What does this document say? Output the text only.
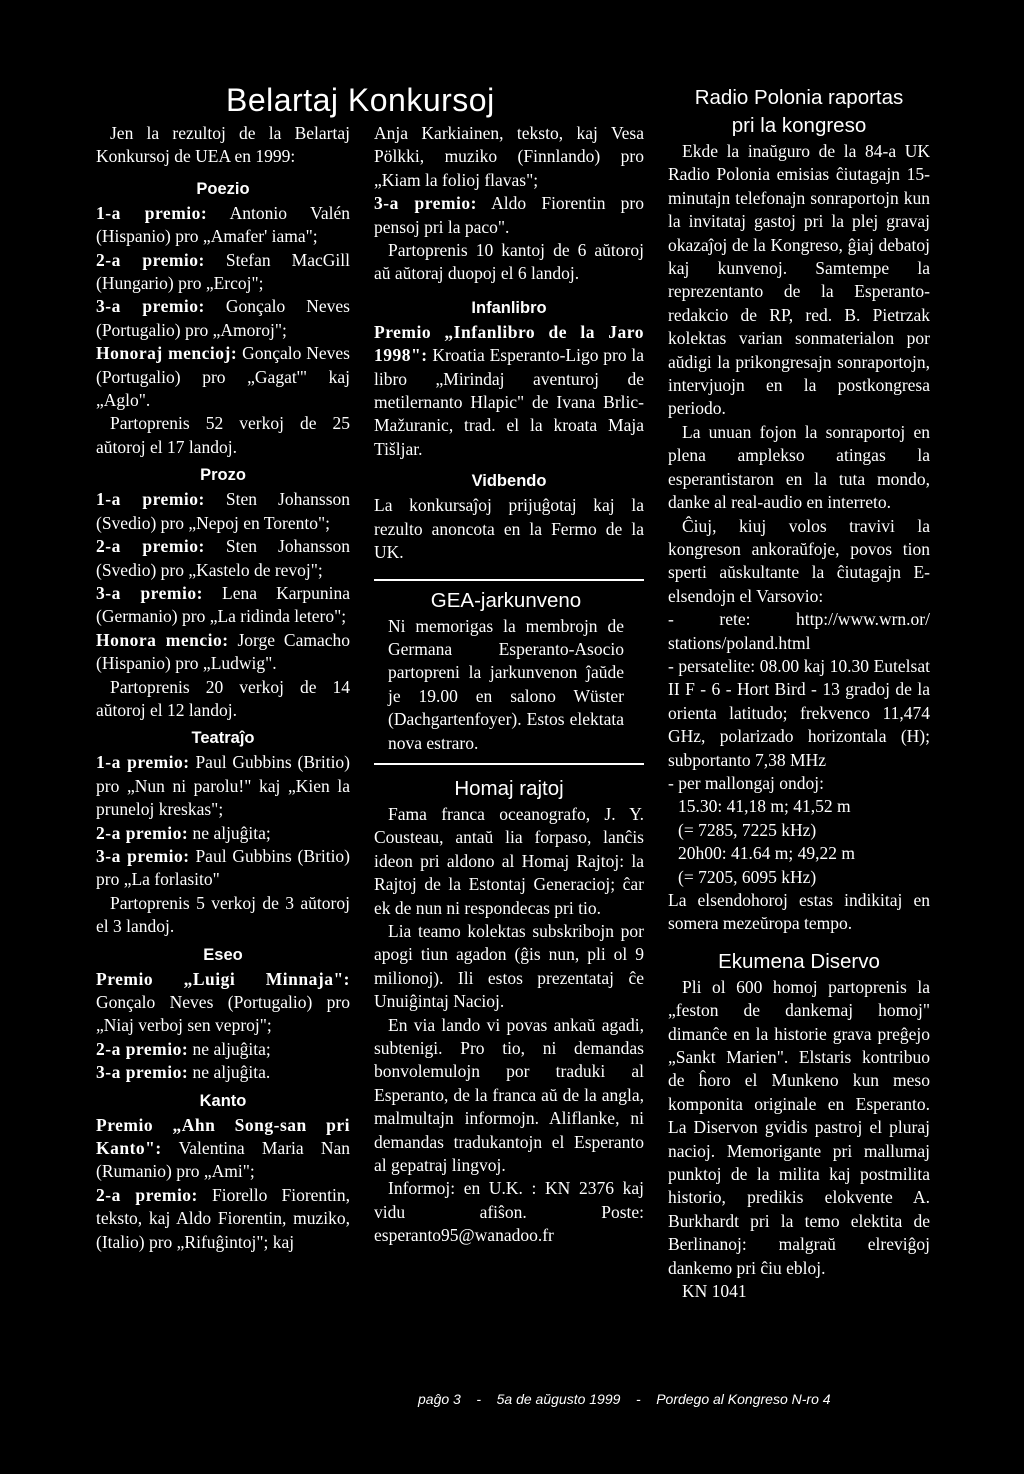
Belartaj Konkursoj

Jen la rezultoj de la Belartaj Konkursoj de UEA en 1999:

Poezio

1-a premio: Antonio Valén (Hispanio) pro „Amafer' iama";

2-a premio: Stefan MacGill (Hungario) pro „Ercoj";

3-a premio: Gonçalo Neves (Portugalio) pro „Amoroj";

Honoraj mencioj: Gonçalo Neves (Portugalio) pro „Gagat'" kaj „Aglo".

Partoprenis 52 verkoj de 25 aŭtoroj el 17 landoj.

Prozo

1-a premio: Sten Johansson (Svedio) pro „Nepoj en Torento";

2-a premio: Sten Johansson (Svedio) pro „Kastelo de revoj";

3-a premio: Lena Karpunina (Germanio) pro „La ridinda letero";

Honora mencio: Jorge Camacho (Hispanio) pro „Ludwig".

Partoprenis 20 verkoj de 14 aŭtoroj el 12 landoj.

Teatraĵo

1-a premio: Paul Gubbins (Britio) pro „Nun ni parolu!" kaj „Kien la pruneloj kreskas";

2-a premio: ne aljuĝita;

3-a premio: Paul Gubbins (Britio) pro „La forlasito"

Partoprenis 5 verkoj de 3 aŭtoroj el 3 landoj.

Eseo

Premio „Luigi Minnaja": Gonçalo Neves (Portugalio) pro „Niaj verboj sen veproj";

2-a premio: ne aljuĝita;

3-a premio: ne aljuĝita.

Kanto

Premio „Ahn Song-san pri Kanto": Valentina Maria Nan (Rumanio) pro „Ami";

2-a premio: Fiorello Fiorentin, teksto, kaj Aldo Fiorentin, muziko, (Italio) pro „Rifuĝintoj"; kaj

Anja Karkiainen, teksto, kaj Vesa Pölkki, muziko (Finnlando) pro „Kiam la folioj flavas";

3-a premio: Aldo Fiorentin pro pensoj pri la paco".

Partoprenis 10 kantoj de 6 aŭtoroj aŭ aŭtoraj duopoj el 6 landoj.

Infanlibro

Premio „Infanlibro de la Jaro 1998": Kroatia Esperanto-Ligo pro la libro „Mirindaj aventuroj de metilernanto Hlapic" de Ivana Brlic-Mažuranic, trad. el la kroata Maja Tišljar.

Vidbendo

La konkursaĵoj prijuĝotaj kaj la rezulto anoncota en la Fermo de la UK.

GEA-jarkunveno

Ni memorigas la membrojn de Germana Esperanto-Asocio partopreni la jarkunvenon ĵaŭde je 19.00 en salono Wüster (Dachgartenfoyer). Estos elektata nova estraro.

Homaj rajtoj

Fama franca oceanografo, J. Y. Cousteau, antaŭ lia forpaso, lanĉis ideon pri aldono al Homaj Rajtoj: la Rajtoj de la Estontaj Generacioj; ĉar ek de nun ni respondecas pri tio.

Lia teamo kolektas subskribojn por apogi tiun agadon (ĝis nun, pli ol 9 milionoj). Ili estos prezentataj ĉe Unuiĝintaj Nacioj.

En via lando vi povas ankaŭ agadi, subtenigi. Pro tio, ni demandas bonvolemulojn por traduki al Esperanto, de la franca aŭ de la angla, malmultajn informojn. Aliflanke, ni demandas tradukantojn el Esperanto al gepatraj lingvoj.

Informoj: en U.K. : KN 2376 kaj vidu afiŝon. Poste: esperanto95@wanadoo.fr

Radio Polonia raportas
pri la kongreso

Ekde la inaŭguro de la 84-a UK Radio Polonia emisias ĉiutagajn 15-minutajn telefonajn sonraportojn kun la invitataj gastoj pri la plej gravaj okazaĵoj de la Kongreso, ĝiaj debatoj kaj kunvenoj. Samtempe la reprezentanto de la Esperanto-redakcio de RP, red. B. Pietrzak kolektas varian sonmaterialon por aŭdigi la prikongresajn sonraportojn, intervjuojn en la postkongresa periodo.

La unuan fojon la sonraportoj en plena amplekso atingas la esperantistaron en la tuta mondo, danke al real-audio en interreto.

Ĉiuj, kiuj volos travivi la kongreson ankoraŭfoje, povos tion sperti aŭskultante la ĉiutagajn E-elsendojn el Varsovio:

- rete: http://www.wrn.or/ stations/poland.html

- persatelite: 08.00 kaj 10.30 Eutelsat II F - 6 - Hort Bird - 13 gradoj de la orienta latitudo; frekvenco 11,474 GHz, polarizado horizontala (H); subportanto 7,38 MHz

- per mallongaj ondoj:

15.30: 41,18 m; 41,52 m

(= 7285, 7225 kHz)

20h00: 41.64 m; 49,22 m

(= 7205, 6095 kHz)

La elsendohoroj estas indikitaj en somera mezeŭropa tempo.

Ekumena Diservo

Pli ol 600 homoj partoprenis la „feston de dankemaj homoj" dimanĉe en la historie grava preĝejo „Sankt Marien". Elstaris kontribuo de ĥoro el Munkeno kun meso komponita originale en Esperanto. La Diservon gvidis pastroj el pluraj nacioj. Memorigante pri mallumaj punktoj de la milita kaj postmilita historio, predikis elokvente A. Burkhardt pri la temo elektita de Berlinanoj: malgraŭ elreviĝoj dankemo pri ĉiu ebloj.

KN 1041

paĝo 3 - 5a de aŭgusto 1999 - Pordego al Kongreso N-ro 4
